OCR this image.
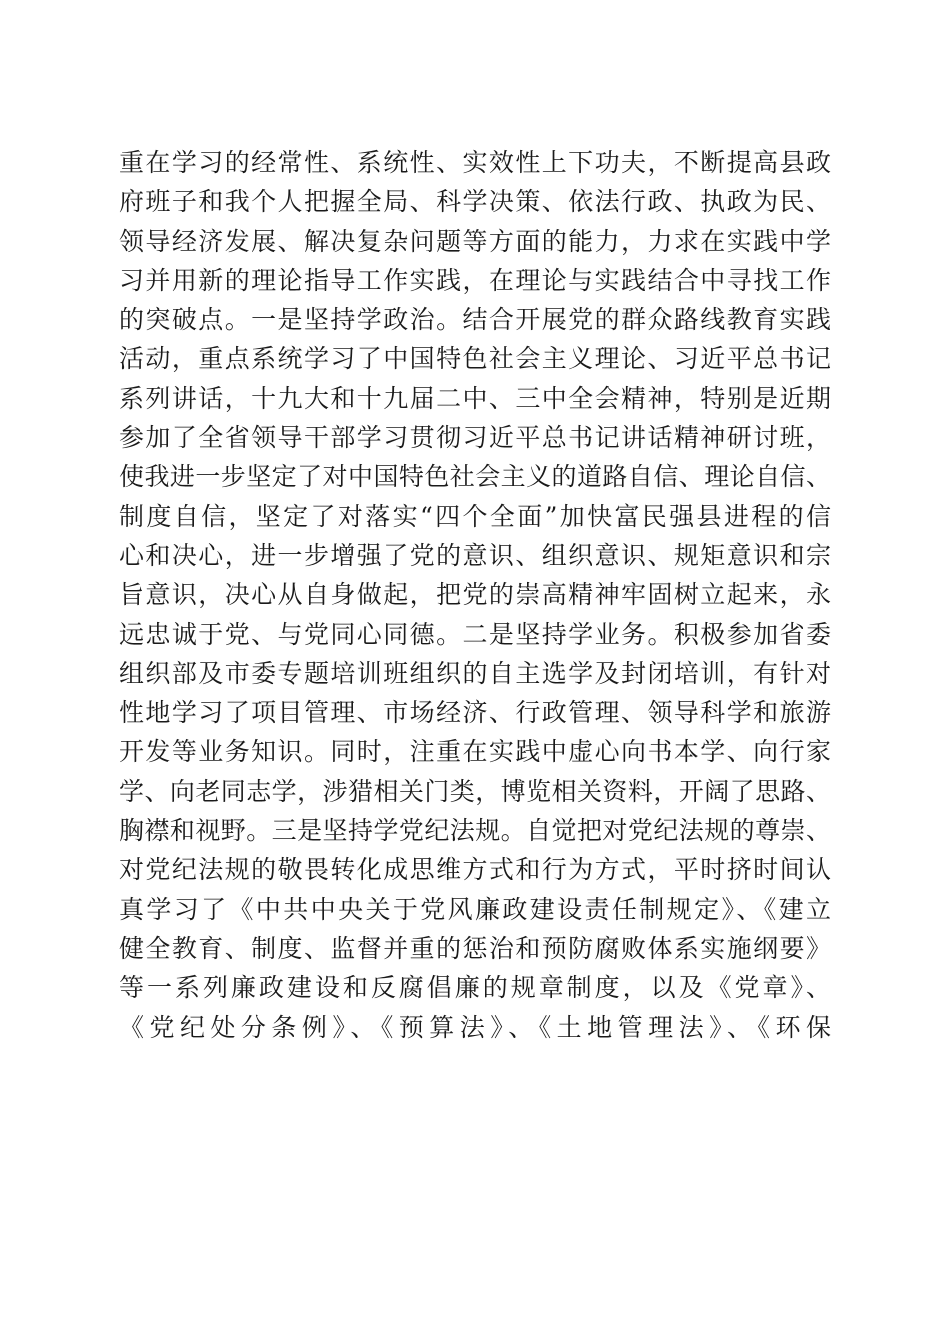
重在学习的经常性、系统性、实效性上下功夫，不断提高县政
府班子和我个人把握全局、科学决策、依法行政、执政为民、
领导经济发展、解决复杂问题等方面的能力，力求在实践中学
习并用新的理论指导工作实践，在理论与实践结合中寻找工作
的突破点。一是坚持学政治。结合开展党的群众路线教育实践
活动，重点系统学习了中国特色社会主义理论、习近平总书记
系列讲话，十九大和十九届二中、三中全会精神，特别是近期
参加了全省领导干部学习贯彻习近平总书记讲话精神研讨班，
使我进一步坚定了对中国特色社会主义的道路自信、理论自信、
制度自信，坚定了对落实“四个全面”加快富民强县进程的信
心和决心，进一步增强了党的意识、组织意识、规矩意识和宗
旨意识，决心从自身做起，把党的崇高精神牢固树立起来，永
远忠诚于党、与党同心同德。二是坚持学业务。积极参加省委
组织部及市委专题培训班组织的自主选学及封闭培训，有针对
性地学习了项目管理、市场经济、行政管理、领导科学和旅游
开发等业务知识。同时，注重在实践中虚心向书本学、向行家
学、向老同志学，涉猎相关门类，博览相关资料，开阔了思路、
胸襟和视野。三是坚持学党纪法规。自觉把对党纪法规的尊崇、
对党纪法规的敬畏转化成思维方式和行为方式，平时挤时间认
真学习了《中共中央关于党风廉政建设责任制规定》、《建立
健全教育、制度、监督并重的惩治和预防腐败体系实施纲要》
等一系列廉政建设和反腐倡廉的规章制度，以及《党章》、
《党纪处分条例》、《预算法》、《土地管理法》、《环保
